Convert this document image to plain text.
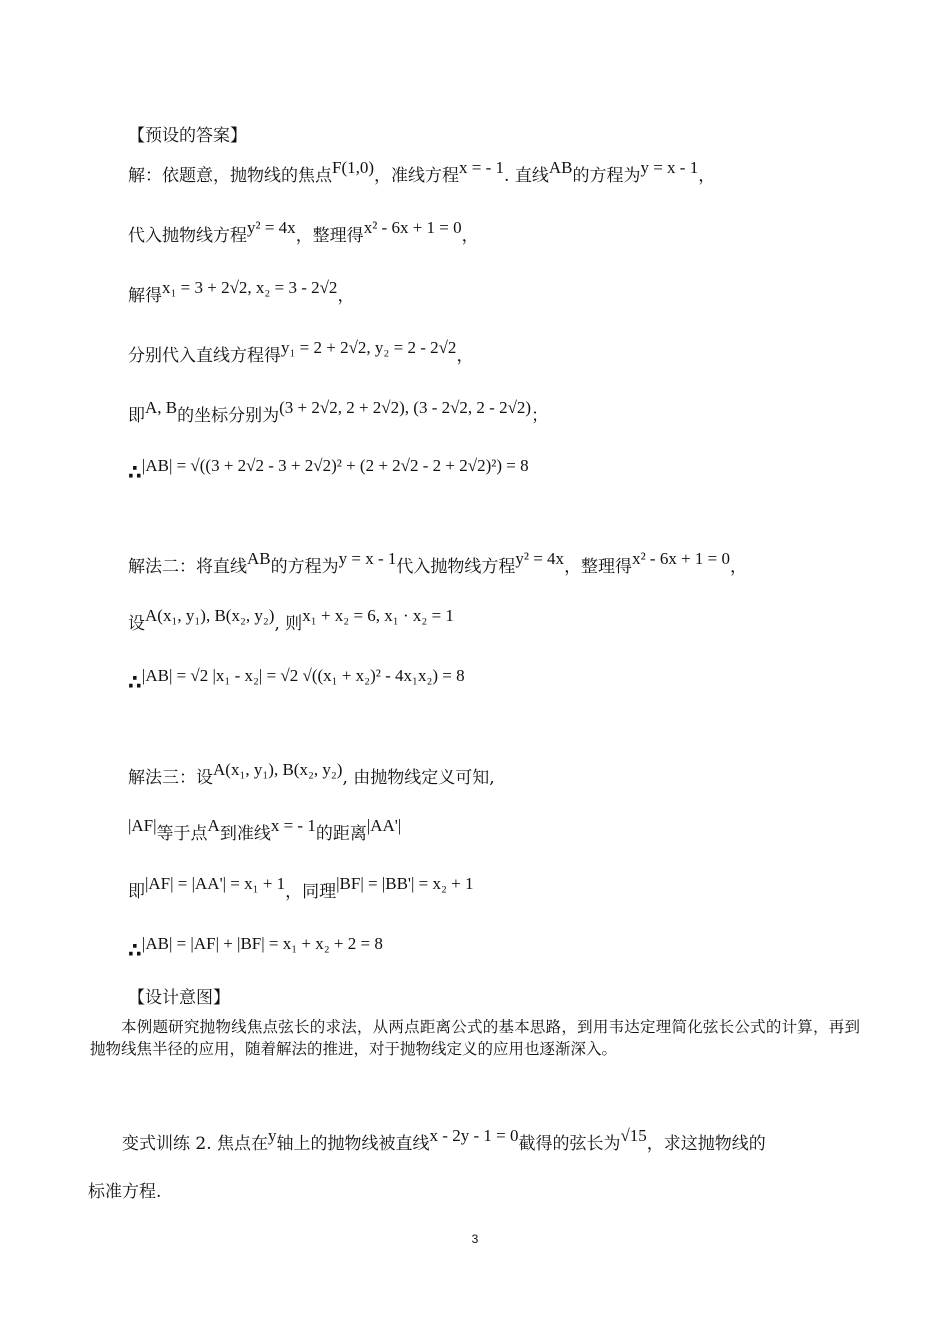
【预设的答案】
解：依题意，抛物线的焦点F(1,0)，准线方程x = - 1. 直线AB的方程为y = x - 1，
代入抛物线方程y² = 4x，整理得x² - 6x + 1 = 0，
解得x₁ = 3 + 2√2, x₂ = 3 - 2√2，
分别代入直线方程得y₁ = 2 + 2√2, y₂ = 2 - 2√2，
即A, B的坐标分别为(3 + 2√2, 2 + 2√2), (3 - 2√2, 2 - 2√2)；
∴|AB| = √((3 + 2√2 - 3 + 2√2)² + (2 + 2√2 - 2 + 2√2)²) = 8
解法二：将直线AB的方程为y = x - 1代入抛物线方程y² = 4x，整理得x² - 6x + 1 = 0，
设A(x₁, y₁), B(x₂, y₂), 则x₁ + x₂ = 6, x₁ · x₂ = 1
∴|AB| = √2 |x₁ - x₂| = √2 √((x₁ + x₂)² - 4x₁x₂) = 8
解法三：设A(x₁, y₁), B(x₂, y₂), 由抛物线定义可知,
|AF|等于点A到准线x = - 1的距离|AA'|
即|AF| = |AA'| = x₁ + 1，同理|BF| = |BB'| = x₂ + 1
∴|AB| = |AF| + |BF| = x₁ + x₂ + 2 = 8
【设计意图】
本例题研究抛物线焦点弦长的求法，从两点距离公式的基本思路，到用韦达定理简化弦长公式的计算，再到抛物线焦半径的应用，随着解法的推进，对于抛物线定义的应用也逐渐深入。
变式训练 2. 焦点在y轴上的抛物线被直线x - 2y - 1 = 0截得的弦长为√15，求这抛物线的
标准方程.
3
